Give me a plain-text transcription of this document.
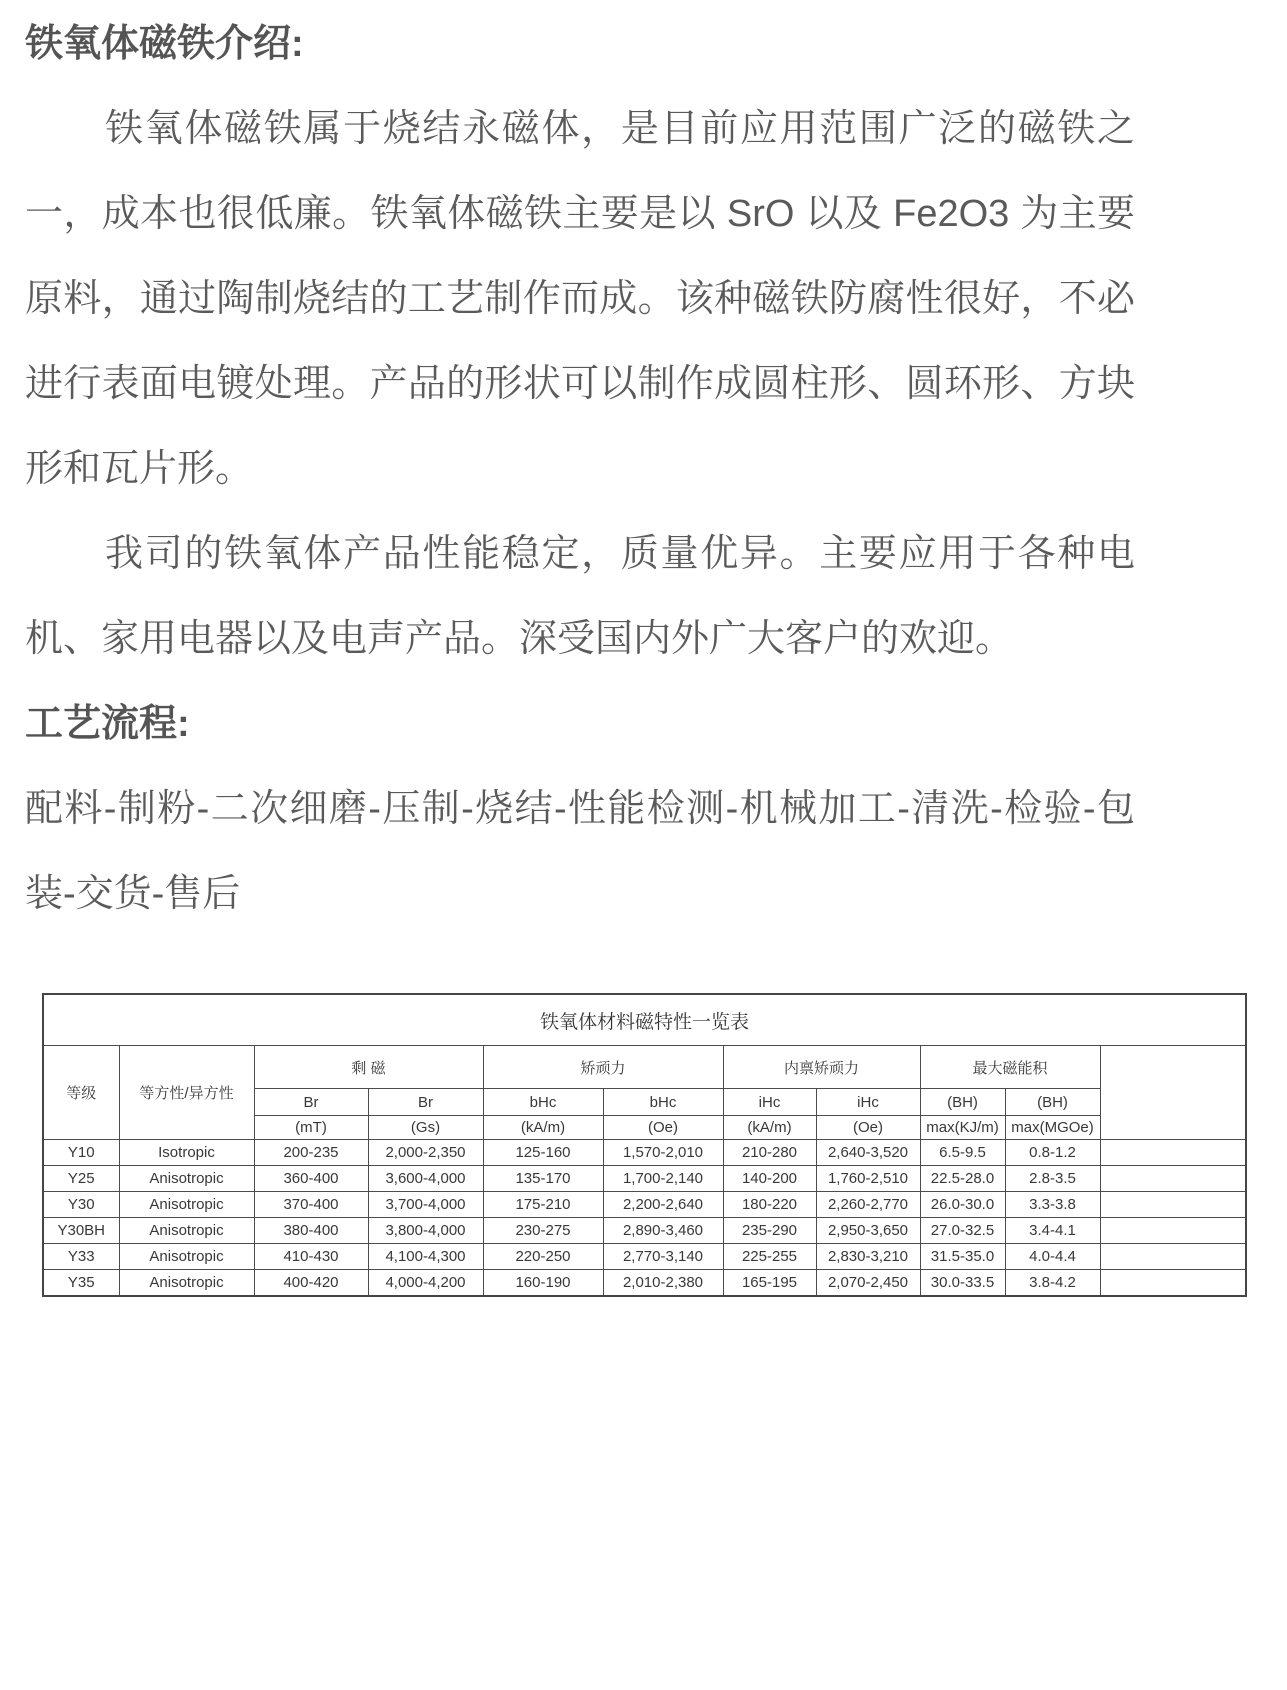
铁氧体磁铁介绍:

铁氧体磁铁属于烧结永磁体，是目前应用范围广泛的磁铁之一，成本也很低廉。铁氧体磁铁主要是以 SrO 以及 Fe2O3 为主要原料，通过陶制烧结的工艺制作而成。该种磁铁防腐性很好，不必进行表面电镀处理。产品的形状可以制作成圆柱形、圆环形、方块形和瓦片形。

我司的铁氧体产品性能稳定，质量优异。主要应用于各种电机、家用电器以及电声产品。深受国内外广大客户的欢迎。

工艺流程:

配料-制粉-二次细磨-压制-烧结-性能检测-机械加工-清洗-检验-包装-交货-售后

铁氧体材料磁特性一览表										
等级	等方性/异方性	剩 磁		矫顽力		内禀矫顽力		最大磁能积		
		Br	Br	bHc	bHc	iHc	iHc	(BH)	(BH)	
		(mT)	(Gs)	(kA/m)	(Oe)	(kA/m)	(Oe)	max(KJ/m)	max(MGOe)	
Y10	Isotropic	200-235	2,000-2,350	125-160	1,570-2,010	210-280	2,640-3,520	6.5-9.5	0.8-1.2	
Y25	Anisotropic	360-400	3,600-4,000	135-170	1,700-2,140	140-200	1,760-2,510	22.5-28.0	2.8-3.5	
Y30	Anisotropic	370-400	3,700-4,000	175-210	2,200-2,640	180-220	2,260-2,770	26.0-30.0	3.3-3.8	
Y30BH	Anisotropic	380-400	3,800-4,000	230-275	2,890-3,460	235-290	2,950-3,650	27.0-32.5	3.4-4.1	
Y33	Anisotropic	410-430	4,100-4,300	220-250	2,770-3,140	225-255	2,830-3,210	31.5-35.0	4.0-4.4	
Y35	Anisotropic	400-420	4,000-4,200	160-190	2,010-2,380	165-195	2,070-2,450	30.0-33.5	3.8-4.2	
